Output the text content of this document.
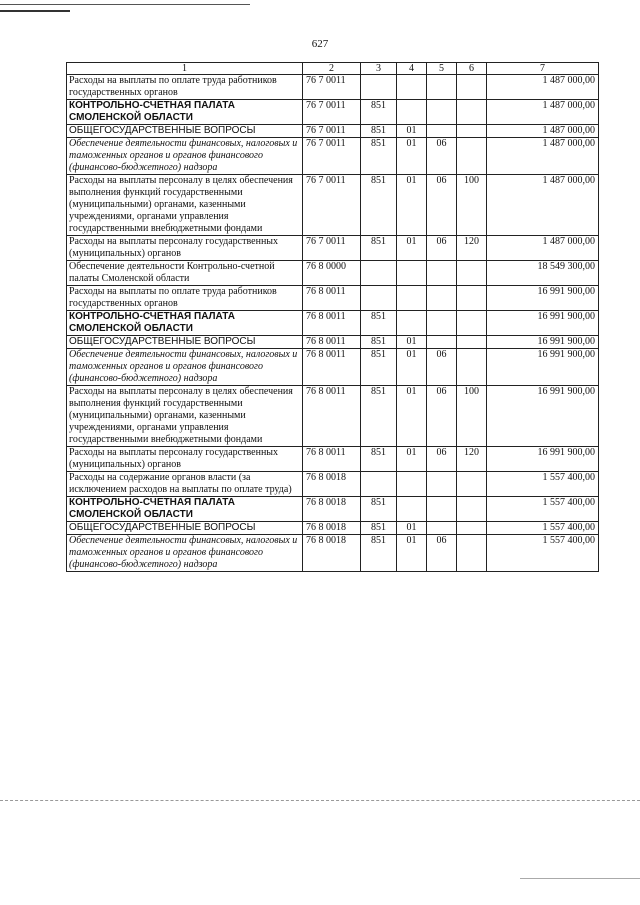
627
1	2	3	4	5	6	7
Расходы на выплаты по оплате труда работников государственных органов	76 7 0011					1 487 000,00
КОНТРОЛЬНО-СЧЕТНАЯ ПАЛАТА СМОЛЕНСКОЙ ОБЛАСТИ	76 7 0011	851				1 487 000,00
ОБЩЕГОСУДАРСТВЕННЫЕ ВОПРОСЫ	76 7 0011	851	01			1 487 000,00
Обеспечение деятельности финансовых, налоговых и таможенных органов и органов финансового (финансово-бюджетного) надзора	76 7 0011	851	01	06		1 487 000,00
Расходы на выплаты персоналу в целях обеспечения выполнения функций государственными (муниципальными) органами, казенными учреждениями, органами управления государственными внебюджетными фондами	76 7 0011	851	01	06	100	1 487 000,00
Расходы на выплаты персоналу государственных (муниципальных) органов	76 7 0011	851	01	06	120	1 487 000,00
Обеспечение деятельности Контрольно-счетной палаты Смоленской области	76 8 0000					18 549 300,00
Расходы на выплаты по оплате труда работников государственных органов	76 8 0011					16 991 900,00
КОНТРОЛЬНО-СЧЕТНАЯ ПАЛАТА СМОЛЕНСКОЙ ОБЛАСТИ	76 8 0011	851				16 991 900,00
ОБЩЕГОСУДАРСТВЕННЫЕ ВОПРОСЫ	76 8 0011	851	01			16 991 900,00
Обеспечение деятельности финансовых, налоговых и таможенных органов и органов финансового (финансово-бюджетного) надзора	76 8 0011	851	01	06		16 991 900,00
Расходы на выплаты персоналу в целях обеспечения выполнения функций государственными (муниципальными) органами, казенными учреждениями, органами управления государственными внебюджетными фондами	76 8 0011	851	01	06	100	16 991 900,00
Расходы на выплаты персоналу государственных (муниципальных) органов	76 8 0011	851	01	06	120	16 991 900,00
Расходы на содержание органов власти (за исключением расходов на выплаты по оплате труда)	76 8 0018					1 557 400,00
КОНТРОЛЬНО-СЧЕТНАЯ ПАЛАТА СМОЛЕНСКОЙ ОБЛАСТИ	76 8 0018	851				1 557 400,00
ОБЩЕГОСУДАРСТВЕННЫЕ ВОПРОСЫ	76 8 0018	851	01			1 557 400,00
Обеспечение деятельности финансовых, налоговых и таможенных органов и органов финансового (финансово-бюджетного) надзора	76 8 0018	851	01	06		1 557 400,00
